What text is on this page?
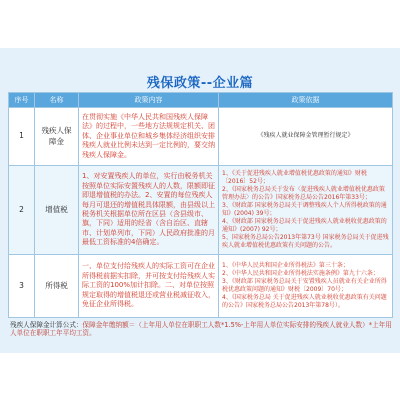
残保政策--企业篇
序号	名称	政策内容	政策依据
1	残疾人保障金	在贯彻实施《中华人民共和国残疾人保障法》的过程中，一些地方法规规定机关、团体、企业事业单位和城乡集体经济组织安排残疾人就业比例未达到一定比例的，要交纳残疾人保障金。	《残疾人就业保障金管理暂行规定》

2	增值税	1、对安置残疾人的单位，实行由税务机关按照单位实际安置残疾人的人数，限额即征即退增值税的办法。2、安置的每位残疾人每月可退还的增值税具体限额，由县级以上税务机关根据单位所在区县（含县级市、旗，下同）适用的经省（含自治区、直辖市、计划单列市，下同）人民政府批准的月最低工资标准的4倍确定。	1、《关于促进残疾人就业增值税优惠政策的通知》财税〔2016〕52号；
2、《国家税务总局关于发布〈促进残疾人就业增值税优惠政策管理办法〉的公告》国家税务总局公告2016年第33号；
3、《财政部 国家税务总局关于调整残疾人个人所得税政策的通知》(2004) 39号；
4、《财政部 国家税务总局关于促进残疾人就业税收优惠政策的通知》(2007) 92号；
5、国家税务总局公告2013年第73号 国家税务总局关于促进残疾人就业增值税优惠政策有关问题的公告。

3	所得税	一、单位支付给残疾人的实际工资可在企业所得税前据实扣除，并可按支付给残疾人实际工资的100%加计扣除。二、对单位按照规定取得的增值税退还或营业税减征收入，免征企业所得税。	1、《中华人民共和国企业所得税法》第三十条；
2、《中华人民共和国企业所得税法实施条例》第九十六条；
3、《财政部 国家税务总局关于安置残疾人员就业有关企业所得税优惠政策问题的通知》财税〔2009〕70号；
4、《国家税务总局 关于促进残疾人就业税收优惠政策有关问题的公告》国家税务总局公告2013年第78号）。
残疾人保障金计算公式：保障金年缴纳额＝（上年用人单位在职职工人数*1.5%-上年用人单位实际安排的残疾人就业人数）*上年用人单位在职职工年平均工资。
